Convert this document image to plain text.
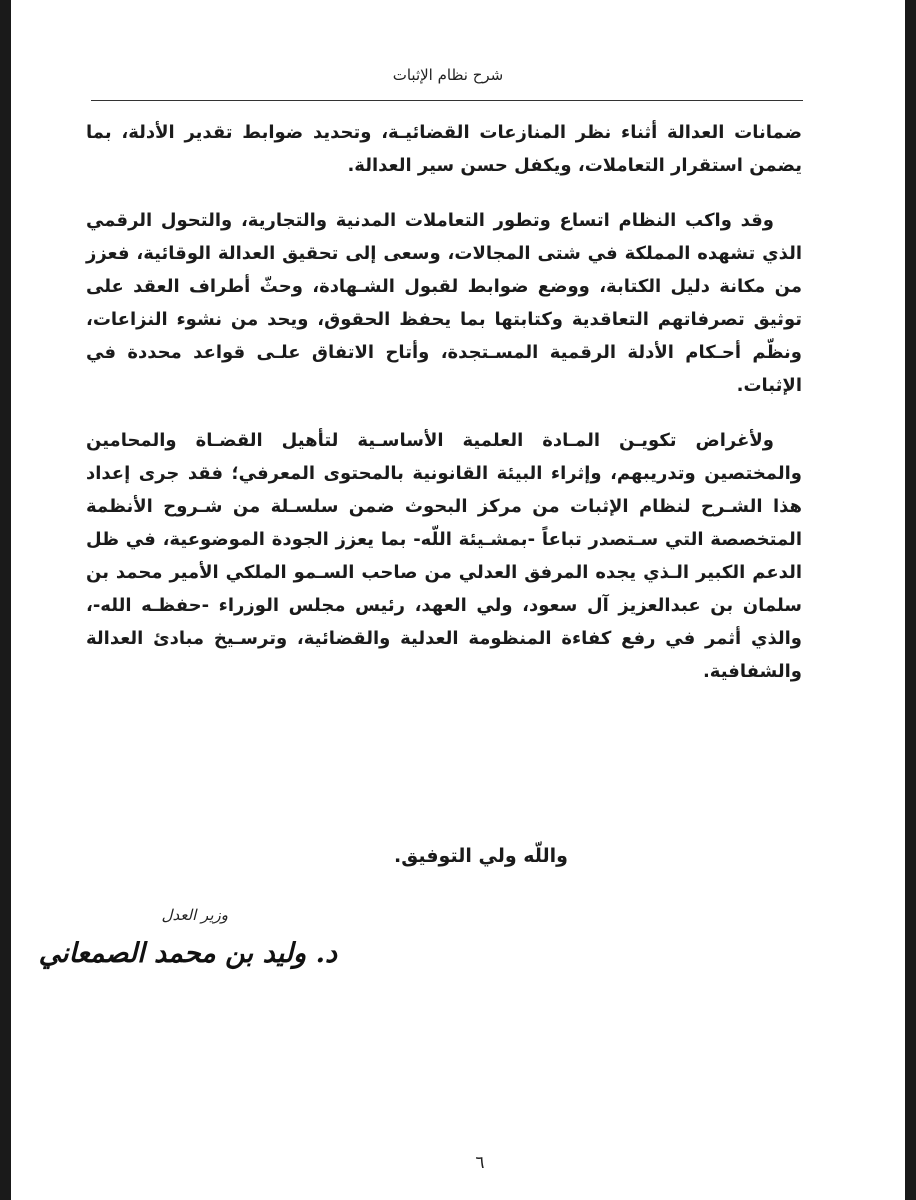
شرح نظام الإثبات

ضمانات العدالة أثناء نظر المنازعات القضائيـة، وتحديد ضوابط تقدير الأدلة، بما يضمن استقرار التعاملات، ويكفل حسن سير العدالة.

وقد واكب النظام اتساع وتطور التعاملات المدنية والتجارية، والتحول الرقمي الذي تشهده المملكة في شتى المجالات، وسعى إلى تحقيق العدالة الوقائية، فعزز من مكانة دليل الكتابة، ووضع ضوابط لقبول الشـهادة، وحثّ أطراف العقد على توثيق تصرفاتهم التعاقدية وكتابتها بما يحفظ الحقوق، ويحد من نشوء النزاعات، ونظّم أحـكام الأدلة الرقمية المسـتجدة، وأتاح الاتفاق علـى قواعد محددة في الإثبات.

ولأغراض تكويـن المـادة العلمية الأساسـية لتأهيل القضـاة والمحامين والمختصين وتدريبهم، وإثراء البيئة القانونية بالمحتوى المعرفي؛ فقد جرى إعداد هذا الشـرح لنظام الإثبات من مركز البحوث ضمن سلسـلة من شـروح الأنظمة المتخصصة التي سـتصدر تباعاً -بمشـيئة اللّه- بما يعزز الجودة الموضوعية، في ظل الدعم الكبير الـذي يجده المرفق العدلي من صاحب السـمو الملكي الأمير محمد بن سلمان بن عبدالعزيز آل سعود، ولي العهد، رئيس مجلس الوزراء -حفظـه الله-، والذي أثمر في رفع كفاءة المنظومة العدلية والقضائية، وترسـيخ مبادئ العدالة والشفافية.

واللّه ولي التوفيق.
وزير العدل
د. وليد بن محمد الصمعاني
٦
